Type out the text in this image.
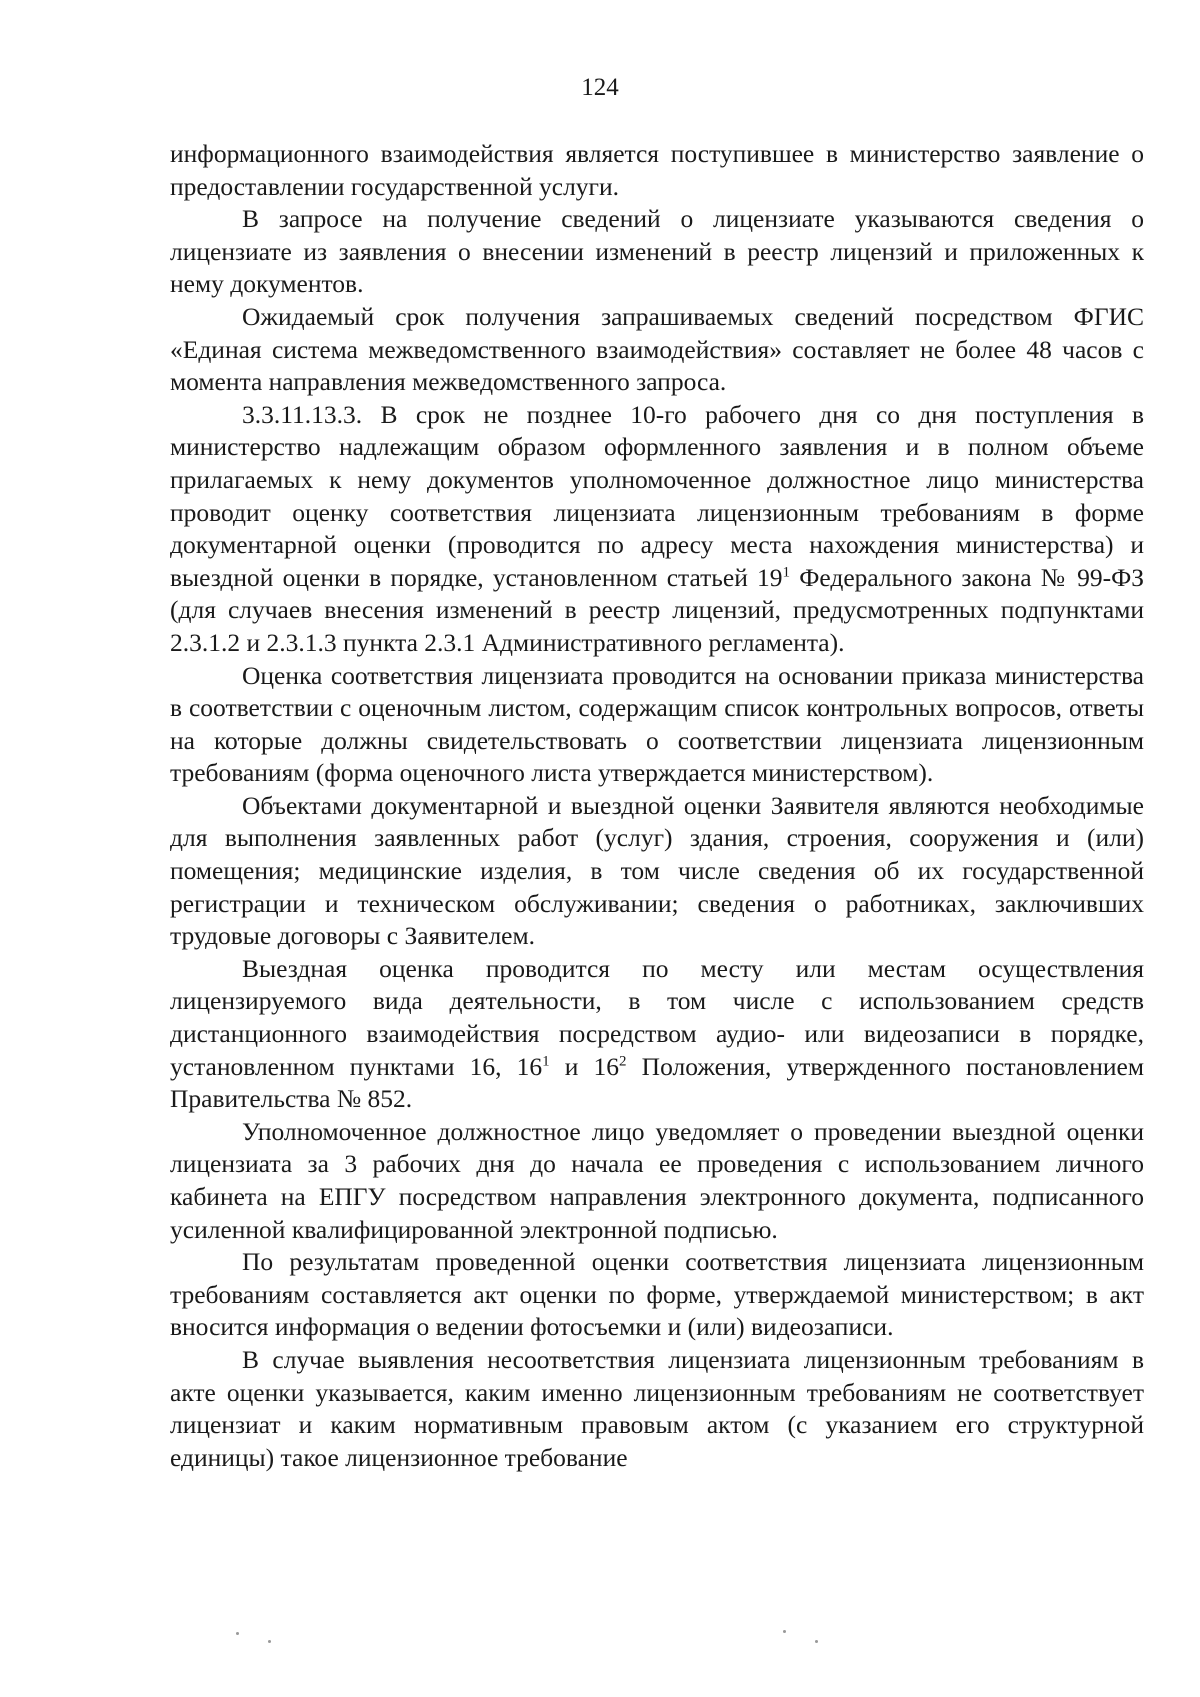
124

информационного взаимодействия является поступившее в министерство заявление о предоставлении государственной услуги.

В запросе на получение сведений о лицензиате указываются сведения о лицензиате из заявления о внесении изменений в реестр лицензий и приложенных к нему документов.

Ожидаемый срок получения запрашиваемых сведений посредством ФГИС «Единая система межведомственного взаимодействия» составляет не более 48 часов с момента направления межведомственного запроса.

3.3.11.13.3. В срок не позднее 10-го рабочего дня со дня поступления в министерство надлежащим образом оформленного заявления и в полном объеме прилагаемых к нему документов уполномоченное должностное лицо министерства проводит оценку соответствия лицензиата лицензионным требованиям в форме документарной оценки (проводится по адресу места нахождения министерства) и выездной оценки в порядке, установленном статьей $19^1$ Федерального закона № 99-ФЗ (для случаев внесения изменений в реестр лицензий, предусмотренных подпунктами 2.3.1.2 и 2.3.1.3 пункта 2.3.1 Административного регламента).

Оценка соответствия лицензиата проводится на основании приказа министерства в соответствии с оценочным листом, содержащим список контрольных вопросов, ответы на которые должны свидетельствовать о соответствии лицензиата лицензионным требованиям (форма оценочного листа утверждается министерством).

Объектами документарной и выездной оценки Заявителя являются необходимые для выполнения заявленных работ (услуг) здания, строения, сооружения и (или) помещения; медицинские изделия, в том числе сведения об их государственной регистрации и техническом обслуживании; сведения о работниках, заключивших трудовые договоры с Заявителем.

Выездная оценка проводится по месту или местам осуществления лицензируемого вида деятельности, в том числе с использованием средств дистанционного взаимодействия посредством аудио- или видеозаписи в порядке, установленном пунктами 16, $16^1$ и $16^2$ Положения, утвержденного постановлением Правительства № 852.

Уполномоченное должностное лицо уведомляет о проведении выездной оценки лицензиата за 3 рабочих дня до начала ее проведения с использованием личного кабинета на ЕПГУ посредством направления электронного документа, подписанного усиленной квалифицированной электронной подписью.

По результатам проведенной оценки соответствия лицензиата лицензионным требованиям составляется акт оценки по форме, утверждаемой министерством; в акт вносится информация о ведении фотосъемки и (или) видеозаписи.

В случае выявления несоответствия лицензиата лицензионным требованиям в акте оценки указывается, каким именно лицензионным требованиям не соответствует лицензиат и каким нормативным правовым актом (с указанием его структурной единицы) такое лицензионное требование
